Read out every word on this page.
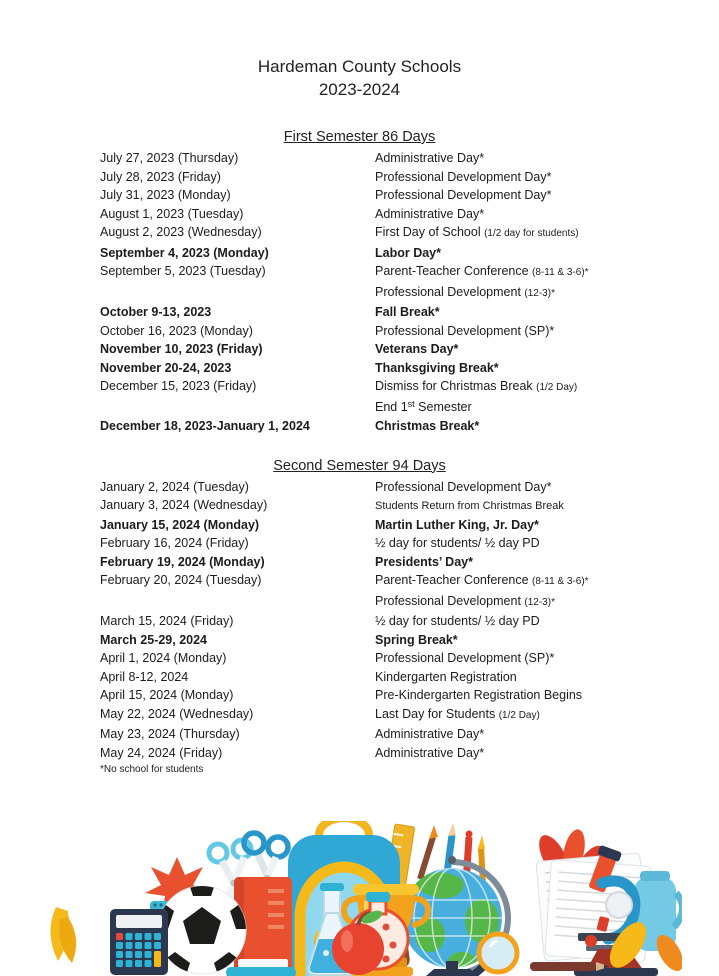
Hardeman County Schools
2023-2024
First Semester 86 Days
July 27, 2023 (Thursday)	Administrative Day*
July 28, 2023 (Friday)	Professional Development Day*
July 31, 2023 (Monday)	Professional Development Day*
August 1, 2023 (Tuesday)	Administrative Day*
August 2, 2023 (Wednesday)	First Day of School (1/2 day for students)
September 4, 2023 (Monday)	Labor Day*
September 5, 2023 (Tuesday)	Parent-Teacher Conference (8-11 & 3-6)*
Professional Development (12-3)*
October 9-13, 2023	Fall Break*
October 16, 2023 (Monday)	Professional Development (SP)*
November 10, 2023 (Friday)	Veterans Day*
November 20-24, 2023	Thanksgiving Break*
December 15, 2023 (Friday)	Dismiss for Christmas Break (1/2 Day)
End 1st Semester
December 18, 2023-January 1, 2024	Christmas Break*
Second Semester 94 Days
January 2, 2024 (Tuesday)	Professional Development Day*
January 3, 2024 (Wednesday)	Students Return from Christmas Break
January 15, 2024 (Monday)	Martin Luther King, Jr. Day*
February 16, 2024 (Friday)	½ day for students/ ½ day PD
February 19, 2024 (Monday)	Presidents’ Day*
February 20, 2024 (Tuesday)	Parent-Teacher Conference (8-11 & 3-6)*
Professional Development (12-3)*
March 15, 2024 (Friday)	½ day for students/ ½ day PD
March 25-29, 2024	Spring Break*
April 1, 2024 (Monday)	Professional Development (SP)*
April 8-12, 2024	Kindergarten Registration
April 15, 2024 (Monday)	Pre-Kindergarten Registration Begins
May 22, 2024 (Wednesday)	Last Day for Students (1/2 Day)
May 23, 2024 (Thursday)	Administrative Day*
May 24, 2024 (Friday)	Administrative Day*
*No school for students
